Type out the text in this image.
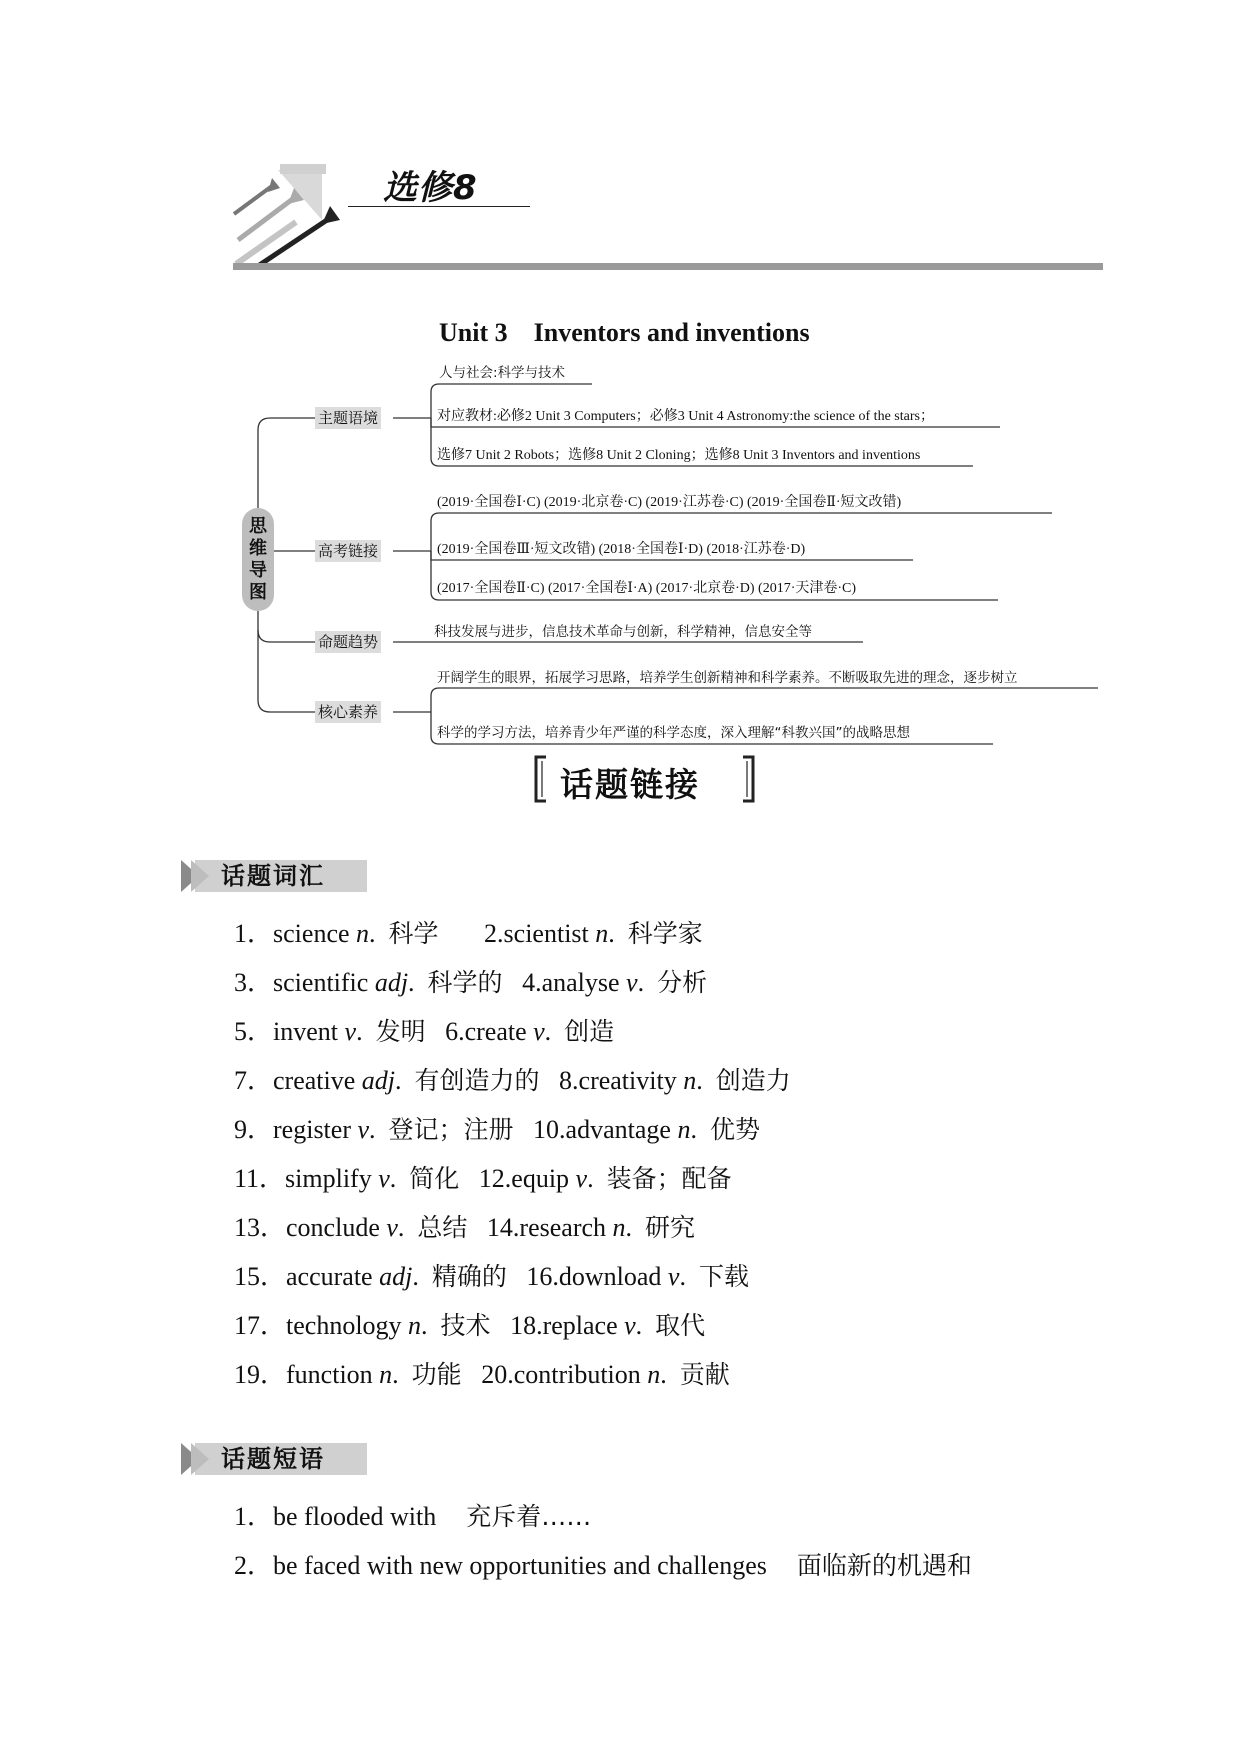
选修8
Unit 3    Inventors and inventions
思
维
导
图
主题语境
高考链接
命题趋势
核心素养
人与社会:科学与技术
对应教材:必修2 Unit 3 Computers；必修3 Unit 4 Astronomy:the science of the stars；
选修7 Unit 2 Robots；选修8 Unit 2 Cloning；选修8 Unit 3 Inventors and inventions
(2019·全国卷Ⅰ·C) (2019·北京卷·C) (2019·江苏卷·C) (2019·全国卷Ⅱ·短文改错)
(2019·全国卷Ⅲ·短文改错) (2018·全国卷Ⅰ·D) (2018·江苏卷·D)
(2017·全国卷Ⅱ·C) (2017·全国卷Ⅰ·A) (2017·北京卷·D) (2017·天津卷·C)
科技发展与进步，信息技术革命与创新，科学精神，信息安全等
开阔学生的眼界，拓展学习思路，培养学生创新精神和科学素养。不断吸取先进的理念，逐步树立
科学的学习方法，培养青少年严谨的科学态度，深入理解“科教兴国”的战略思想
话题链接
话题词汇
1．science n.  科学       2.scientist n.  科学家
3．scientific adj.  科学的   4.analyse v.  分析
5．invent v.  发明   6.create v.  创造
7．creative adj.  有创造力的   8.creativity n.  创造力
9．register v.  登记；注册   10.advantage n.  优势
11．simplify v.  简化   12.equip v.  装备；配备
13．conclude v.  总结   14.research n.  研究
15．accurate adj.  精确的   16.download v.  下载
17．technology n.  技术   18.replace v.  取代
19．function n.  功能   20.contribution n.  贡献
话题短语
1．be flooded with 充斥着……
2．be faced with new opportunities and challenges 面临新的机遇和
